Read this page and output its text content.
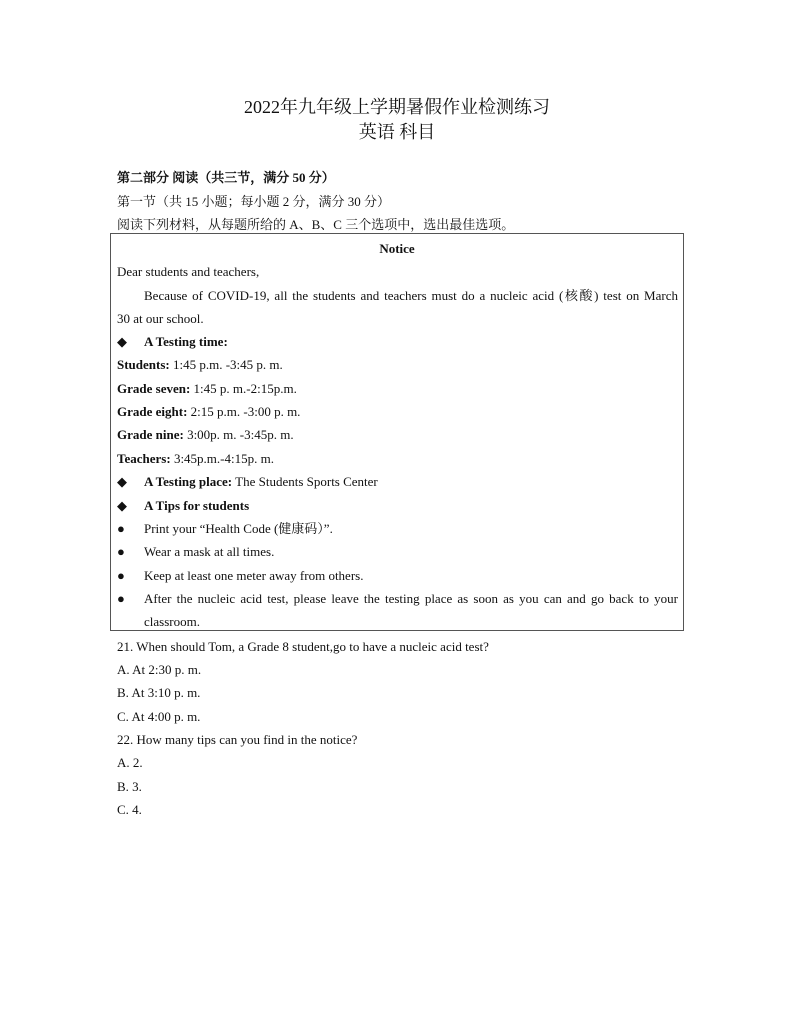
2022年九年级上学期暑假作业检测练习
英语 科目
第二部分 阅读（共三节，满分 50 分）
第一节（共 15 小题；每小题 2 分，满分 30 分）
阅读下列材料，从每题所给的 A、B、C 三个选项中，选出最佳选项。
Notice
Dear students and teachers,
Because of COVID-19, all the students and teachers must do a nucleic acid (核酸) test on March
30 at our school.
◆	A Testing time:
Students: 1:45 p.m. -3:45 p. m.
Grade seven: 1:45 p. m.-2:15p.m.
Grade eight: 2:15 p.m. -3:00 p. m.
Grade nine: 3:00p. m. -3:45p. m.
Teachers: 3:45p.m.-4:15p. m.
◆	A Testing place: The Students Sports Center
◆	A Tips for students
●	Print your “Health Code (健康码）”.
●	Wear a mask at all times.
●	Keep at least one meter away from others.
●	After the nucleic acid test, please leave the testing place as soon as you can and go back to your
classroom.
21. When should Tom, a Grade 8 student,go to have a nucleic acid test?
A. At 2:30 p. m.
B. At 3:10 p. m.
C. At 4:00 p. m.
22. How many tips can you find in the notice?
A. 2.
B. 3.
C. 4.
